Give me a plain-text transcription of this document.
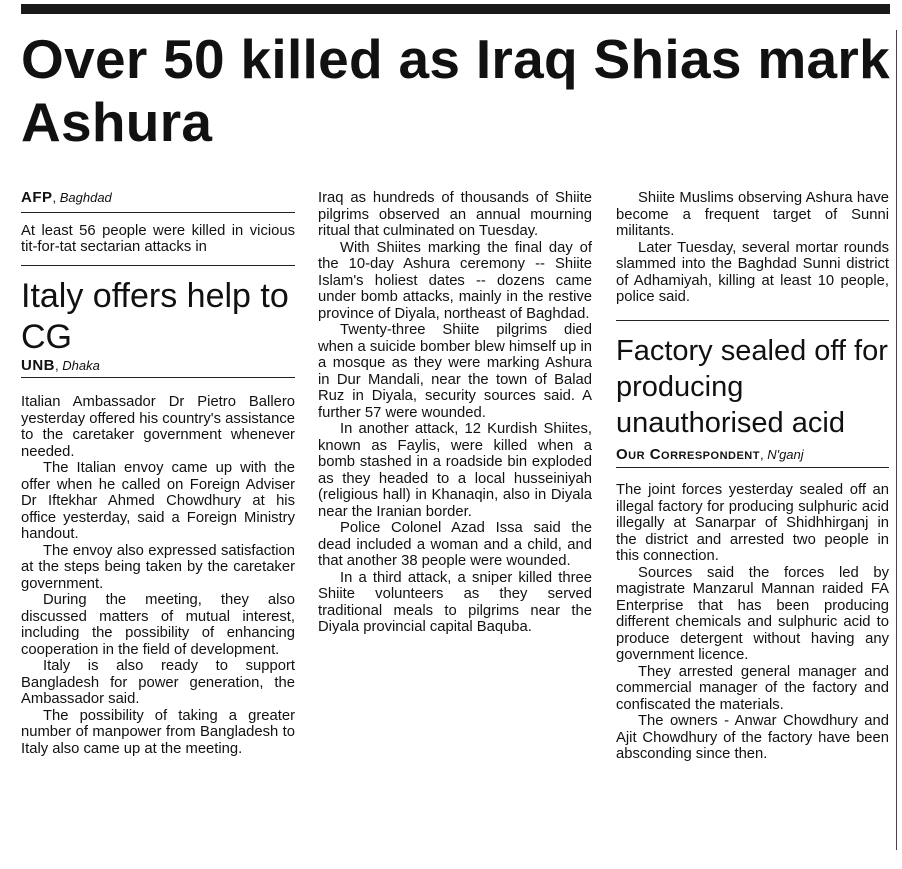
Over 50 killed as Iraq Shias mark Ashura
AFP, Baghdad

At least 56 people were killed in vicious tit-for-tat sectarian attacks in

Italy offers help to CG
UNB, Dhaka

Italian Ambassador Dr Pietro Ballero yesterday offered his country's assistance to the caretaker government whenever needed.

The Italian envoy came up with the offer when he called on Foreign Adviser Dr Iftekhar Ahmed Chowdhury at his office yesterday, said a Foreign Ministry handout.

The envoy also expressed satisfaction at the steps being taken by the caretaker government.

During the meeting, they also discussed matters of mutual interest, including the possibility of enhancing cooperation in the field of development.

Italy is also ready to support Bangladesh for power generation, the Ambassador said.

The possibility of taking a greater number of manpower from Bangladesh to Italy also came up at the meeting.

Iraq as hundreds of thousands of Shiite pilgrims observed an annual mourning ritual that culminated on Tuesday.

With Shiites marking the final day of the 10-day Ashura ceremony -- Shiite Islam's holiest dates -- dozens came under bomb attacks, mainly in the restive province of Diyala, northeast of Baghdad.

Twenty-three Shiite pilgrims died when a suicide bomber blew himself up in a mosque as they were marking Ashura in Dur Mandali, near the town of Balad Ruz in Diyala, security sources said. A further 57 were wounded.

In another attack, 12 Kurdish Shiites, known as Faylis, were killed when a bomb stashed in a roadside bin exploded as they headed to a local husseiniyah (religious hall) in Khanaqin, also in Diyala near the Iranian border.

Police Colonel Azad Issa said the dead included a woman and a child, and that another 38 people were wounded.

In a third attack, a sniper killed three Shiite volunteers as they served traditional meals to pilgrims near the Diyala provincial capital Baquba.

Shiite Muslims observing Ashura have become a frequent target of Sunni militants.

Later Tuesday, several mortar rounds slammed into the Baghdad Sunni district of Adhamiyah, killing at least 10 people, police said.

Factory sealed off for producing unauthorised acid
Our Correspondent, N'ganj

The joint forces yesterday sealed off an illegal factory for producing sulphuric acid illegally at Sanarpar of Shidhhirganj in the district and arrested two people in this connection.

Sources said the forces led by magistrate Manzarul Mannan raided FA Enterprise that has been producing different chemicals and sulphuric acid to produce detergent without having any government licence.

They arrested general manager and commercial manager of the factory and confiscated the materials.

The owners - Anwar Chowdhury and Ajit Chowdhury of the factory have been absconding since then.
